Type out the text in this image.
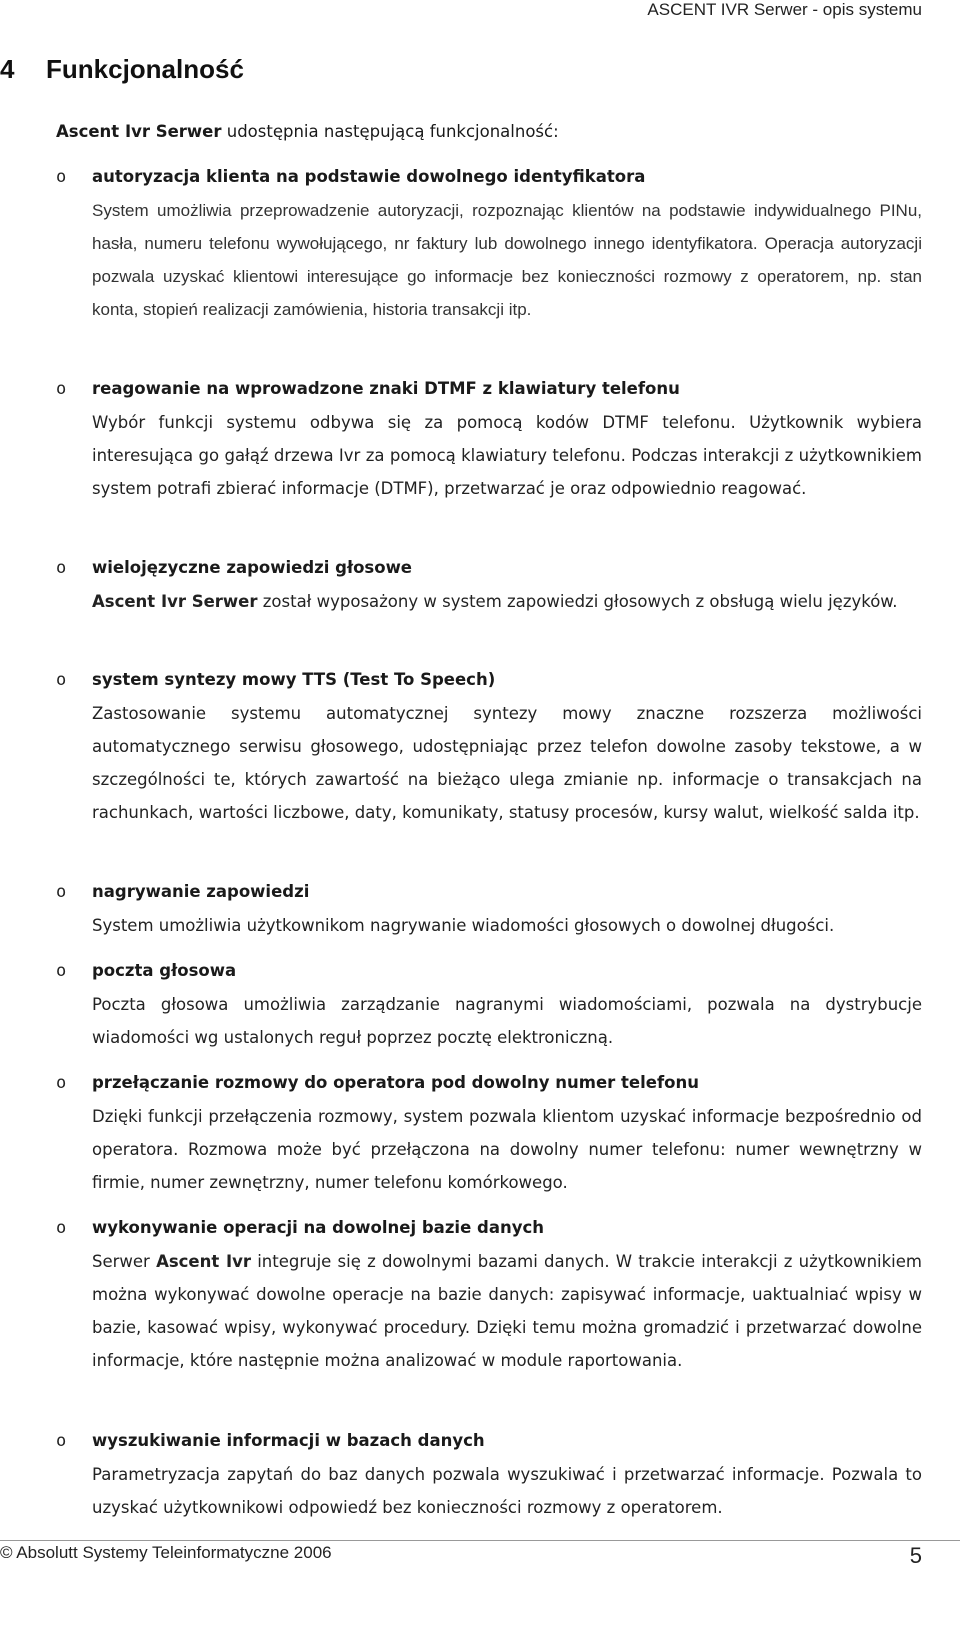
ASCENT IVR Serwer - opis systemu
4 Funkcjonalność
Ascent Ivr Serwer udostępnia następującą funkcjonalność:
o autoryzacja klienta na podstawie dowolnego identyfikatora
System umożliwia przeprowadzenie autoryzacji, rozpoznając klientów na podstawie indywidualnego PINu, hasła, numeru telefonu wywołującego, nr faktury lub dowolnego innego identyfikatora. Operacja autoryzacji pozwala uzyskać klientowi interesujące go informacje bez konieczności rozmowy z operatorem, np. stan konta, stopień realizacji zamówienia, historia transakcji itp.
o reagowanie na wprowadzone znaki DTMF z klawiatury telefonu
Wybór funkcji systemu odbywa się za pomocą kodów DTMF telefonu. Użytkownik wybiera interesująca go gałąź drzewa Ivr za pomocą klawiatury telefonu. Podczas interakcji z użytkownikiem system potrafi zbierać informacje (DTMF), przetwarzać je oraz odpowiednio reagować.
o wielojęzyczne zapowiedzi głosowe
Ascent Ivr Serwer został wyposażony w system zapowiedzi głosowych z obsługą wielu języków.
o system syntezy mowy TTS (Test To Speech)
Zastosowanie systemu automatycznej syntezy mowy znaczne rozszerza możliwości automatycznego serwisu głosowego, udostępniając przez telefon dowolne zasoby tekstowe, a w szczególności te, których zawartość na bieżąco ulega zmianie np. informacje o transakcjach na rachunkach, wartości liczbowe, daty, komunikaty, statusy procesów, kursy walut, wielkość salda itp.
o nagrywanie zapowiedzi
System umożliwia użytkownikom nagrywanie wiadomości głosowych o dowolnej długości.
o poczta głosowa
Poczta głosowa umożliwia zarządzanie nagranymi wiadomościami, pozwala na dystrybucje wiadomości wg ustalonych reguł poprzez pocztę elektroniczną.
o przełączanie rozmowy do operatora pod dowolny numer telefonu
Dzięki funkcji przełączenia rozmowy, system pozwala klientom uzyskać informacje bezpośrednio od operatora. Rozmowa może być przełączona na dowolny numer telefonu: numer wewnętrzny w firmie, numer zewnętrzny, numer telefonu komórkowego.
o wykonywanie operacji na dowolnej bazie danych
Serwer Ascent Ivr integruje się z dowolnymi bazami danych. W trakcie interakcji z użytkownikiem można wykonywać dowolne operacje na bazie danych: zapisywać informacje, uaktualniać wpisy w bazie, kasować wpisy, wykonywać procedury. Dzięki temu można gromadzić i przetwarzać dowolne informacje, które następnie można analizować w module raportowania.
o wyszukiwanie informacji w bazach danych
Parametryzacja zapytań do baz danych pozwala wyszukiwać i przetwarzać informacje. Pozwala to uzyskać użytkownikowi odpowiedź bez konieczności rozmowy z operatorem.
© Absolutt Systemy Teleinformatyczne 2006	5
